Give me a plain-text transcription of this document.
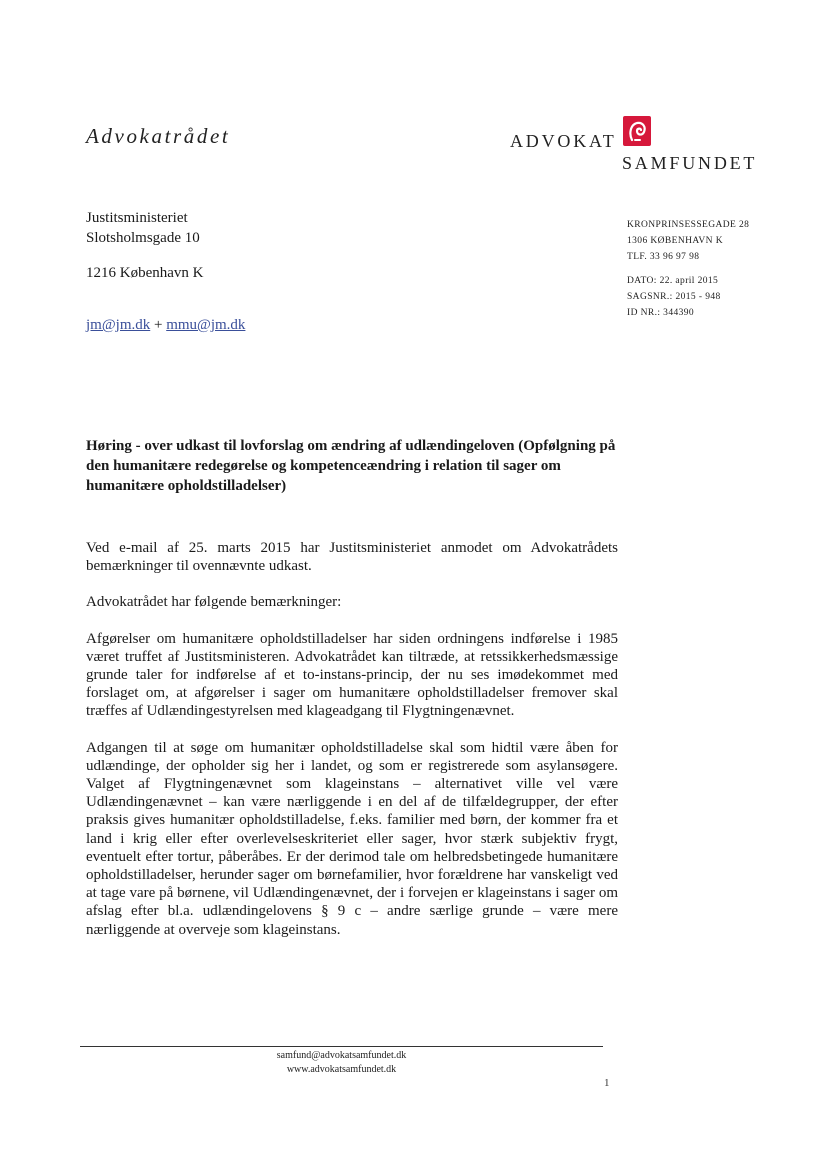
Advokatrådet	ADVOKAT
SAMFUNDET
Justitsministeriet
Slotsholmsgade 10
1216 København K
jm@jm.dk + mmu@jm.dk
KRONPRINSESSEGADE 28
1306 KØBENHAVN K
TLF. 33 96 97 98
DATO: 22. april 2015
SAGSNR.: 2015 - 948
ID NR.: 344390
Høring - over udkast til lovforslag om ændring af udlændingeloven (Opfølgning på den humanitære redegørelse og kompetenceændring i relation til sager om humanitære opholdstilladelser)

Ved e-mail af 25. marts 2015 har Justitsministeriet anmodet om Advokatrådets bemærkninger til ovennævnte udkast.

Advokatrådet har følgende bemærkninger:

Afgørelser om humanitære opholdstilladelser har siden ordningens indførelse i 1985 været truffet af Justitsministeren. Advokatrådet kan tiltræde, at retssikkerhedsmæssige grunde taler for indførelse af et to-instans-princip, der nu ses imødekommet med forslaget om, at afgørelser i sager om humanitære opholdstilladelser fremover skal træffes af Udlændingestyrelsen med klageadgang til Flygtningenævnet.

Adgangen til at søge om humanitær opholdstilladelse skal som hidtil være åben for udlændinge, der opholder sig her i landet, og som er registrerede som asylansøgere. Valget af Flygtningenævnet som klageinstans – alternativet ville vel være Udlændingenævnet – kan være nærliggende i en del af de tilfældegrupper, der efter praksis gives humanitær opholdstilladelse, f.eks. familier med børn, der kommer fra et land i krig eller efter overlevelseskriteriet eller sager, hvor stærk subjektiv frygt, eventuelt efter tortur, påberåbes. Er der derimod tale om helbredsbetingede humanitære opholdstilladelser, herunder sager om børnefamilier, hvor forældrene har vanskeligt ved at tage vare på børnene, vil Udlændingenævnet, der i forvejen er klageinstans i sager om afslag efter bl.a. udlændingelovens § 9 c – andre særlige grunde – være mere nærliggende at overveje som klageinstans.

samfund@advokatsamfundet.dk
www.advokatsamfundet.dk
1
